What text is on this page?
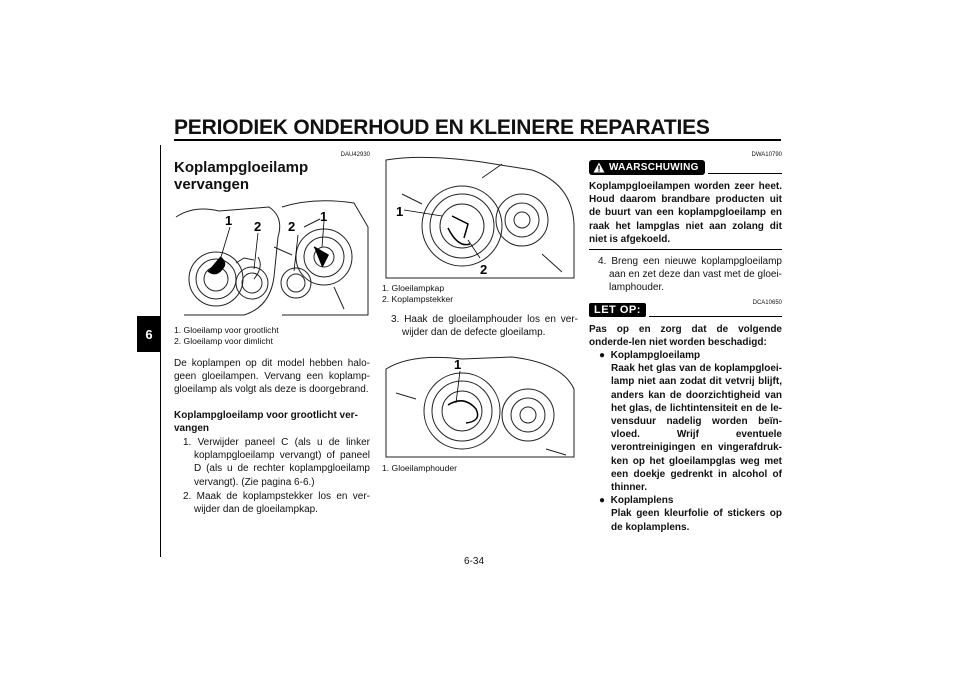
PERIODIEK ONDERHOUD EN KLEINERE REPARATIES
6
DAU42930
Koplampgloeilamp vervangen
1 2 2
1
1. Gloeilamp voor grootlicht
2. Gloeilamp voor dimlicht
De koplampen op dit model hebben halo-geen gloeilampen. Vervang een koplamp-gloeilamp als volgt als deze is doorgebrand.
Koplampgloeilamp voor grootlicht ver-vangen
1. Verwijder paneel C (als u de linker koplampgloeilamp vervangt) of paneel D (als u de rechter koplampgloeilamp vervangt). (Zie pagina 6-6.)
2. Maak de koplampstekker los en ver-wijder dan de gloeilampkap.
1
2
1. Gloeilampkap
2. Koplampstekker
3. Haak de gloeilamphouder los en ver-wijder dan de defecte gloeilamp.
1
1. Gloeilamphouder
DWA10790
WAARSCHUWING
Koplampgloeilampen worden zeer heet. Houd daarom brandbare producten uit de buurt van een koplampgloeilamp en raak het lampglas niet aan zolang dit niet is afgekoeld.
4. Breng een nieuwe koplampgloeilamp aan en zet deze dan vast met de gloei-lamphouder.
LET OP:
DCA10650
Pas op en zorg dat de volgende onderde-len niet worden beschadigd:
●  Koplampgloeilamp
Raak het glas van de koplampgloei-lamp niet aan zodat dit vetvrij blijft, anders kan de doorzichtigheid van het glas, de lichtintensiteit en de le-vensduur nadelig worden beïn-vloed. Wrijf eventuele verontreinigingen en vingerafdruk-ken op het gloeilampglas weg met een doekje gedrenkt in alcohol of thinner.
●  Koplamplens
Plak geen kleurfolie of stickers op de koplamplens.
6-34
